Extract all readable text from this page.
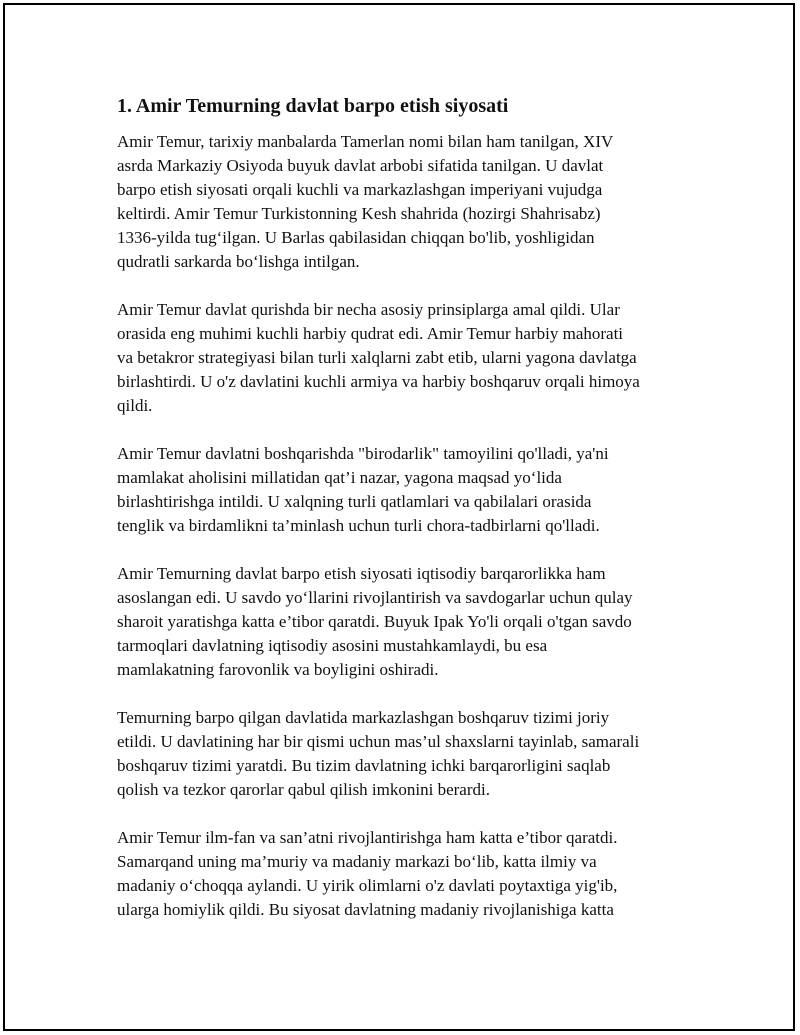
1. Amir Temurning davlat barpo etish siyosati
Amir Temur, tarixiy manbalarda Tamerlan nomi bilan ham tanilgan, XIV
asrda Markaziy Osiyoda buyuk davlat arbobi sifatida tanilgan. U davlat
barpo etish siyosati orqali kuchli va markazlashgan imperiyani vujudga
keltirdi. Amir Temur Turkistonning Kesh shahrida (hozirgi Shahrisabz)
1336-yilda tug‘ilgan. U Barlas qabilasidan chiqqan bo'lib, yoshligidan
qudratli sarkarda bo‘lishga intilgan.
Amir Temur davlat qurishda bir necha asosiy prinsiplarga amal qildi. Ular
orasida eng muhimi kuchli harbiy qudrat edi. Amir Temur harbiy mahorati
va betakror strategiyasi bilan turli xalqlarni zabt etib, ularni yagona davlatga
birlashtirdi. U o'z davlatini kuchli armiya va harbiy boshqaruv orqali himoya
qildi.
Amir Temur davlatni boshqarishda "birodarlik" tamoyilini qo'lladi, ya'ni
mamlakat aholisini millatidan qat’i nazar, yagona maqsad yo‘lida
birlashtirishga intildi. U xalqning turli qatlamlari va qabilalari orasida
tenglik va birdamlikni ta’minlash uchun turli chora-tadbirlarni qo'lladi.
Amir Temurning davlat barpo etish siyosati iqtisodiy barqarorlikka ham
asoslangan edi. U savdo yo‘llarini rivojlantirish va savdogarlar uchun qulay
sharoit yaratishga katta e’tibor qaratdi. Buyuk Ipak Yo'li orqali o'tgan savdo
tarmoqlari davlatning iqtisodiy asosini mustahkamlaydi, bu esa
mamlakatning farovonlik va boyligini oshiradi.
Temurning barpo qilgan davlatida markazlashgan boshqaruv tizimi joriy
etildi. U davlatining har bir qismi uchun mas’ul shaxslarni tayinlab, samarali
boshqaruv tizimi yaratdi. Bu tizim davlatning ichki barqarorligini saqlab
qolish va tezkor qarorlar qabul qilish imkonini berardi.
Amir Temur ilm-fan va san’atni rivojlantirishga ham katta e’tibor qaratdi.
Samarqand uning ma’muriy va madaniy markazi bo‘lib, katta ilmiy va
madaniy o‘choqqa aylandi. U yirik olimlarni o'z davlati poytaxtiga yig'ib,
ularga homiylik qildi. Bu siyosat davlatning madaniy rivojlanishiga katta
